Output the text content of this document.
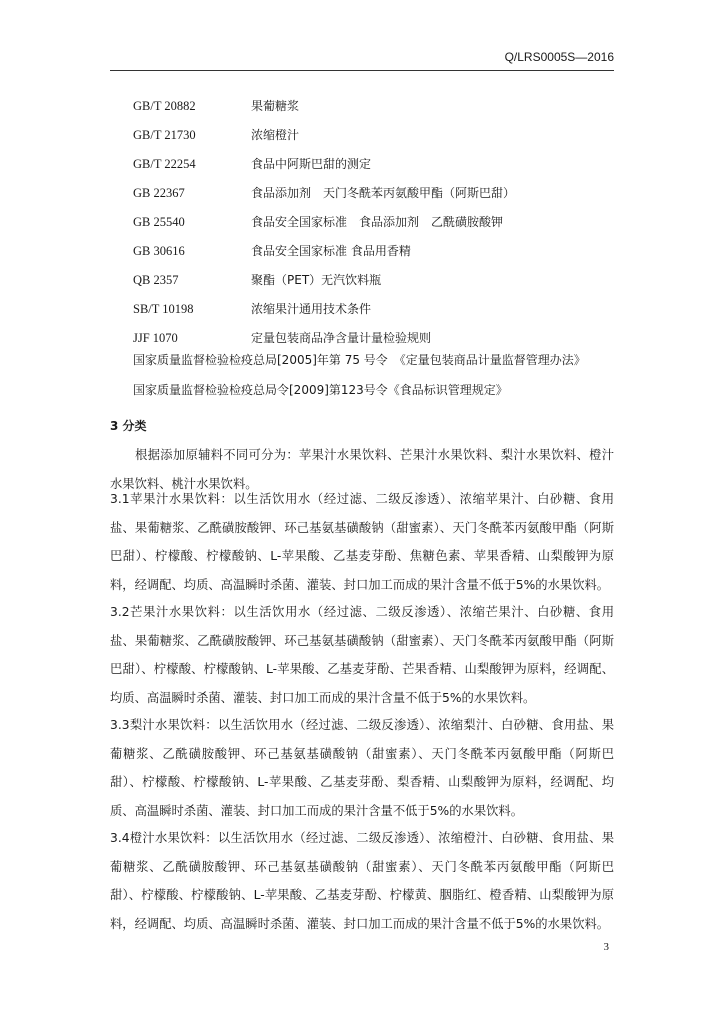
Q/LRS0005S—2016
GB/T 20882	果葡糖浆
GB/T 21730	浓缩橙汁
GB/T 22254	食品中阿斯巴甜的测定
GB 22367	食品添加剂　天门冬酰苯丙氨酸甲酯（阿斯巴甜）
GB 25540	食品安全国家标准　食品添加剂　乙酰磺胺酸钾
GB 30616	食品安全国家标准 食品用香精
QB 2357	聚酯（PET）无汽饮料瓶
SB/T 10198	浓缩果汁通用技术条件
JJF 1070	定量包装商品净含量计量检验规则
国家质量监督检验检疫总局[2005]年第 75 号令　《定量包装商品计量监督管理办法》
国家质量监督检验检疫总局令[2009]第123号令《食品标识管理规定》
3 分类

根据添加原辅料不同可分为：苹果汁水果饮料、芒果汁水果饮料、梨汁水果饮料、橙汁水果饮料、桃汁水果饮料。

3.1苹果汁水果饮料：以生活饮用水（经过滤、二级反渗透）、浓缩苹果汁、白砂糖、食用盐、果葡糖浆、乙酰磺胺酸钾、环己基氨基磺酸钠（甜蜜素）、天门冬酰苯丙氨酸甲酯（阿斯巴甜）、柠檬酸、柠檬酸钠、L-苹果酸、乙基麦芽酚、焦糖色素、苹果香精、山梨酸钾为原料，经调配、均质、高温瞬时杀菌、灌装、封口加工而成的果汁含量不低于5%的水果饮料。

3.2芒果汁水果饮料：以生活饮用水（经过滤、二级反渗透）、浓缩芒果汁、白砂糖、食用盐、果葡糖浆、乙酰磺胺酸钾、环己基氨基磺酸钠（甜蜜素）、天门冬酰苯丙氨酸甲酯（阿斯巴甜）、柠檬酸、柠檬酸钠、L-苹果酸、乙基麦芽酚、芒果香精、山梨酸钾为原料，经调配、均质、高温瞬时杀菌、灌装、封口加工而成的果汁含量不低于5%的水果饮料。

3.3梨汁水果饮料：以生活饮用水（经过滤、二级反渗透）、浓缩梨汁、白砂糖、食用盐、果葡糖浆、乙酰磺胺酸钾、环己基氨基磺酸钠（甜蜜素）、天门冬酰苯丙氨酸甲酯（阿斯巴甜）、柠檬酸、柠檬酸钠、L-苹果酸、乙基麦芽酚、梨香精、山梨酸钾为原料，经调配、均质、高温瞬时杀菌、灌装、封口加工而成的果汁含量不低于5%的水果饮料。

3.4橙汁水果饮料：以生活饮用水（经过滤、二级反渗透）、浓缩橙汁、白砂糖、食用盐、果葡糖浆、乙酰磺胺酸钾、环己基氨基磺酸钠（甜蜜素）、天门冬酰苯丙氨酸甲酯（阿斯巴甜）、柠檬酸、柠檬酸钠、L-苹果酸、乙基麦芽酚、柠檬黄、胭脂红、橙香精、山梨酸钾为原料，经调配、均质、高温瞬时杀菌、灌装、封口加工而成的果汁含量不低于5%的水果饮料。

3
